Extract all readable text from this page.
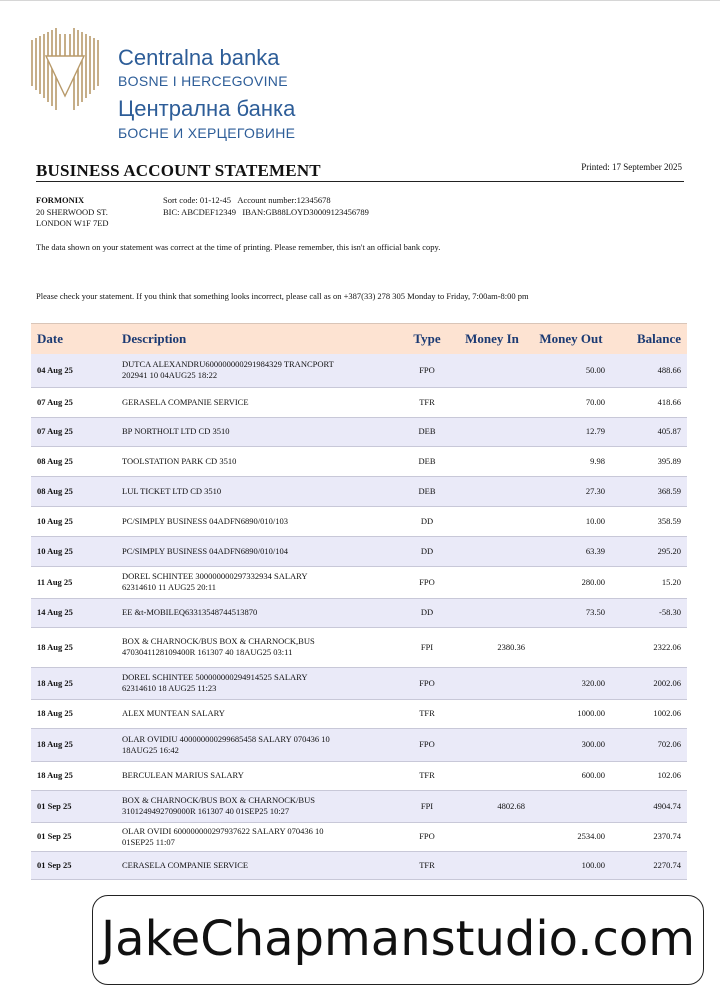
Centralna banka
BOSNE I HERCEGOVINE
Централна банка
БОСНЕ И ХЕРЦЕГОВИНЕ
BUSINESS ACCOUNT STATEMENT	Printed: 17 September 2025
FORMONIX
20 SHERWOOD ST.
LONDON W1F 7ED
Sort code: 01-12-45 Account number:12345678
BIC: ABCDEF12349 IBAN:GB88LOYD30009123456789
The data shown on your statement was correct at the time of printing. Please remember, this isn't an official bank copy.
Please check your statement. If you think that something looks incorrect, please call as on +387(33) 278 305 Monday to Friday, 7:00am-8:00 pm
Date	Description	Type	Money In	Money Out	Balance
04 Aug 25	DUTCA ALEXANDRU600000000291984329 TRANCPORT
202941 10 04AUG25 18:22	FPO		50.00	488.66
07 Aug 25	GERASELA COMPANIE SERVICE	TFR		70.00	418.66
07 Aug 25	BP NORTHOLT LTD CD 3510	DEB		12.79	405.87
08 Aug 25	TOOLSTATION PARK CD 3510	DEB		9.98	395.89
08 Aug 25	LUL TICKET LTD CD 3510	DEB		27.30	368.59
10 Aug 25	PC/SIMPLY BUSINESS 04ADFN6890/010/103	DD		10.00	358.59
10 Aug 25	PC/SIMPLY BUSINESS 04ADFN6890/010/104	DD		63.39	295.20
11 Aug 25	DOREL SCHINTEE 300000000297332934 SALARY
62314610 11 AUG25 20:11	FPO		280.00	15.20
14 Aug 25	EE &t-MOBILEQ63313548744513870	DD		73.50	-58.30
18 Aug 25	BOX & CHARNOCK/BUS BOX & CHARNOCK,BUS
4703041128109400R 161307 40 18AUG25 03:11	FPI	2380.36		2322.06
18 Aug 25	DOREL SCHINTEE 500000000294914525 SALARY
62314610 18 AUG25 11:23	FPO		320.00	2002.06
18 Aug 25	ALEX MUNTEAN SALARY	TFR		1000.00	1002.06
18 Aug 25	OLAR OVIDIU 400000000299685458 SALARY 070436 10
18AUG25 16:42	FPO		300.00	702.06
18 Aug 25	BERCULEAN MARIUS SALARY	TFR		600.00	102.06
01 Sep 25	BOX & CHARNOCK/BUS BOX & CHARNOCK/BUS
3101249492709000R 161307 40 01SEP25 10:27	FPI	4802.68		4904.74
01 Sep 25	OLAR OVIDI 600000000297937622 SALARY 070436 10
01SEP25 11:07	FPO		2534.00	2370.74
01 Sep 25	CERASELA COMPANIE SERVICE	TFR		100.00	2270.74
JakeChapmanstudio.com
